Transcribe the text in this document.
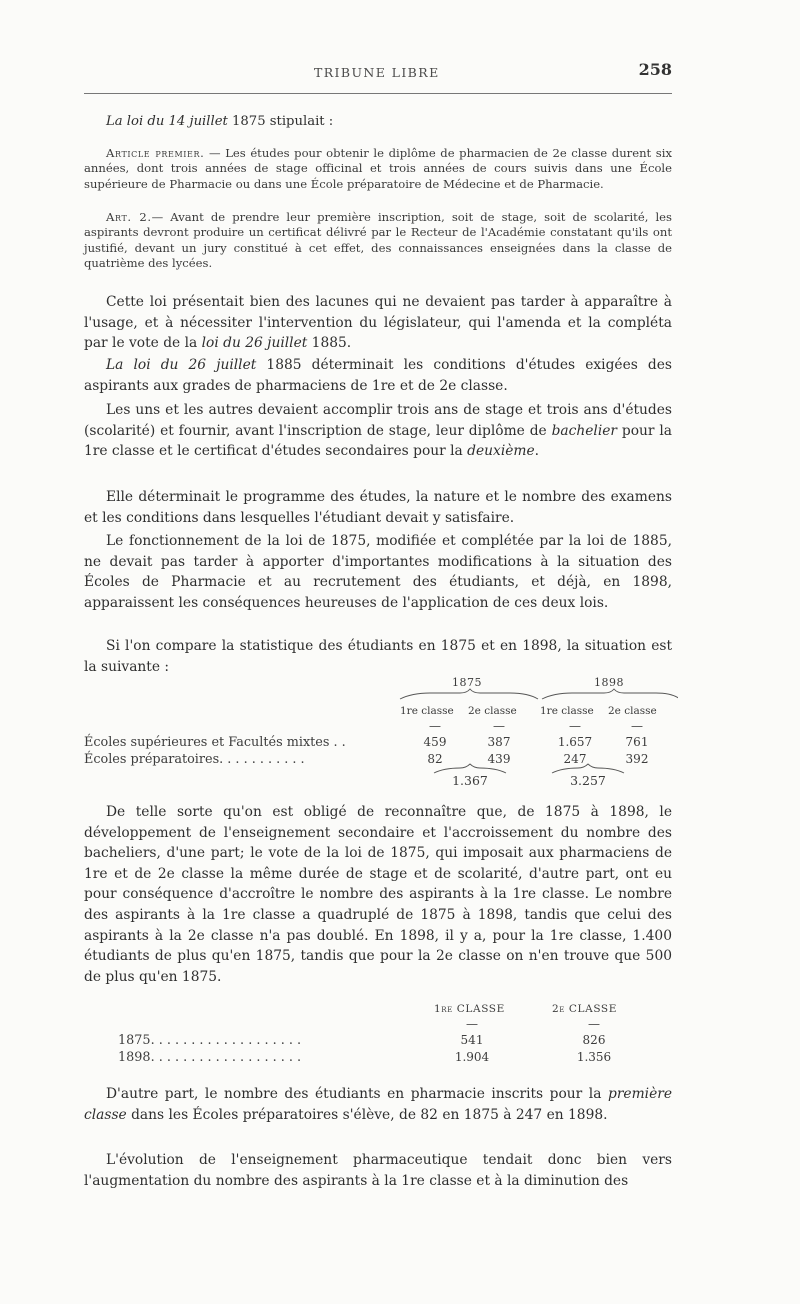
TRIBUNE LIBRE	258

La loi du 14 juillet 1875 stipulait :

Article premier. — Les études pour obtenir le diplôme de pharmacien de 2e classe durent six années, dont trois années de stage officinal et trois années de cours suivis dans une École supérieure de Pharmacie ou dans une École préparatoire de Médecine et de Pharmacie.

Art. 2.— Avant de prendre leur première inscription, soit de stage, soit de scolarité, les aspirants devront produire un certificat délivré par le Recteur de l'Académie constatant qu'ils ont justifié, devant un jury constitué à cet effet, des connaissances enseignées dans la classe de quatrième des lycées.

Cette loi présentait bien des lacunes qui ne devaient pas tarder à apparaître à l'usage, et à nécessiter l'intervention du législateur, qui l'amenda et la compléta par le vote de la loi du 26 juillet 1885.

La loi du 26 juillet 1885 déterminait les conditions d'études exigées des aspirants aux grades de pharmaciens de 1re et de 2e classe.

Les uns et les autres devaient accomplir trois ans de stage et trois ans d'études (scolarité) et fournir, avant l'inscription de stage, leur diplôme de bachelier pour la 1re classe et le certificat d'études secondaires pour la deuxième.

Elle déterminait le programme des études, la nature et le nombre des examens et les conditions dans lesquelles l'étudiant devait y satisfaire.

Le fonctionnement de la loi de 1875, modifiée et complétée par la loi de 1885, ne devait pas tarder à apporter d'importantes modifications à la situation des Écoles de Pharmacie et au recrutement des étudiants, et déjà, en 1898, apparaissent les conséquences heureuses de l'application de ces deux lois.

Si l'on compare la statistique des étudiants en 1875 et en 1898, la situation est la suivante :

1875	1898
1re classe 2e classe 1re classe 2e classe
—	—	—	—
Écoles supérieures et Facultés mixtes . .	459	387	1.657	761
Écoles préparatoires. . . . . . . . . . .	82	439	247	392
1.367	3.257

De telle sorte qu'on est obligé de reconnaître que, de 1875 à 1898, le développement de l'enseignement secondaire et l'accroissement du nombre des bacheliers, d'une part; le vote de la loi de 1875, qui imposait aux pharmaciens de 1re et de 2e classe la même durée de stage et de scolarité, d'autre part, ont eu pour conséquence d'accroître le nombre des aspirants à la 1re classe. Le nombre des aspirants à la 1re classe a quadruplé de 1875 à 1898, tandis que celui des aspirants à la 2e classe n'a pas doublé. En 1898, il y a, pour la 1re classe, 1.400 étudiants de plus qu'en 1875, tandis que pour la 2e classe on n'en trouve que 500 de plus qu'en 1875.

1re CLASSE	2e CLASSE
—	—
1875. . . . . . . . . . . . . . . . . . .	541	826
1898. . . . . . . . . . . . . . . . . . .	1.904	1.356

D'autre part, le nombre des étudiants en pharmacie inscrits pour la première classe dans les Écoles préparatoires s'élève, de 82 en 1875 à 247 en 1898.

L'évolution de l'enseignement pharmaceutique tendait donc bien vers l'augmentation du nombre des aspirants à la 1re classe et à la diminution des
